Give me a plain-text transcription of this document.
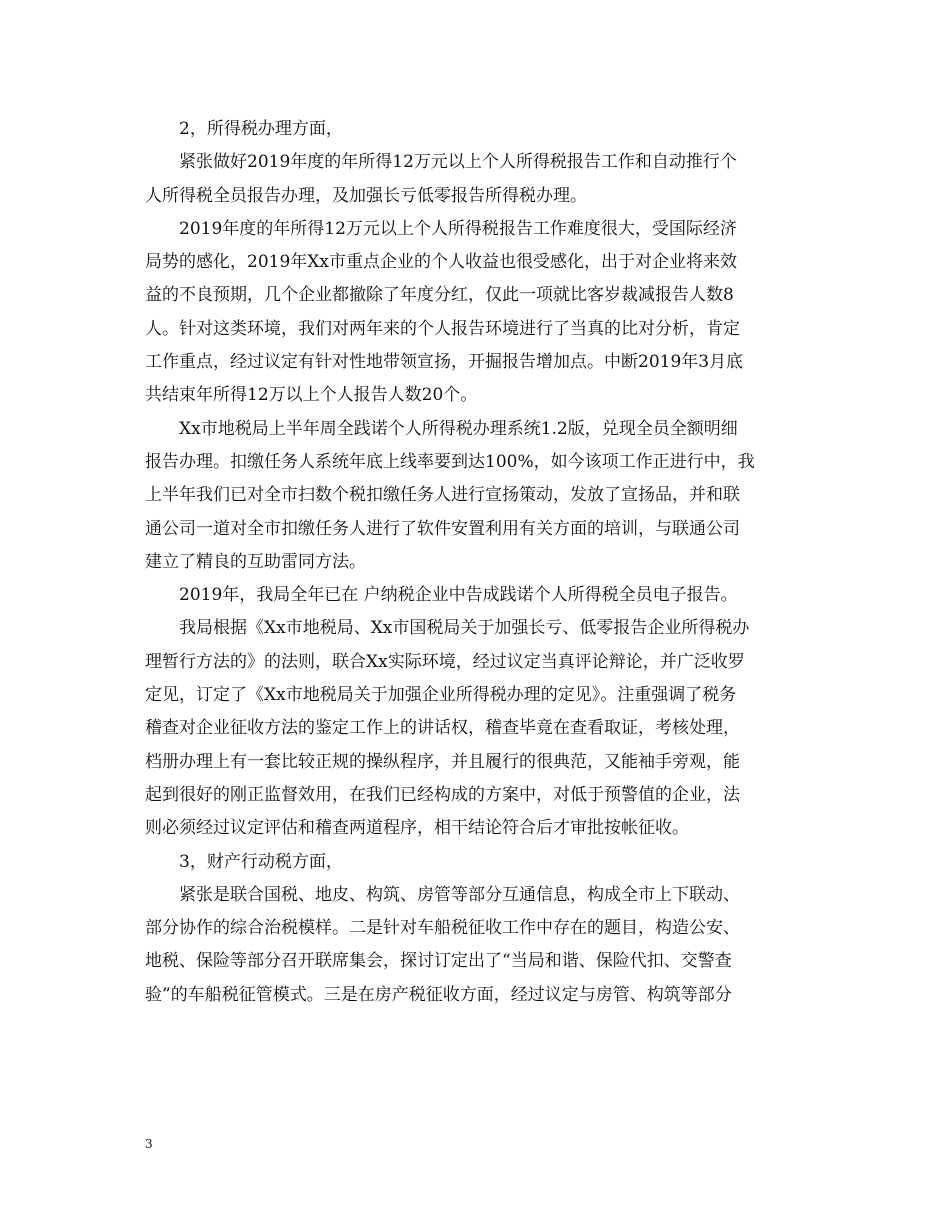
2，所得税办理方面，
紧张做好2019年度的年所得12万元以上个人所得税报告工作和自动推行个
人所得税全员报告办理，及加强长亏低零报告所得税办理。
2019年度的年所得12万元以上个人所得税报告工作难度很大，受国际经济
局势的感化，2019年Xx市重点企业的个人收益也很受感化，出于对企业将来效
益的不良预期，几个企业都撤除了年度分红，仅此一项就比客岁裁减报告人数8
人。针对这类环境，我们对两年来的个人报告环境进行了当真的比对分析，肯定
工作重点，经过议定有针对性地带领宣扬，开掘报告增加点。中断2019年3月底
共结束年所得12万以上个人报告人数20个。
Xx市地税局上半年周全践诺个人所得税办理系统1.2版，兑现全员全额明细
报告办理。扣缴任务人系统年底上线率要到达100%，如今该项工作正进行中，我
上半年我们已对全市扫数个税扣缴任务人进行宣扬策动，发放了宣扬品，并和联
通公司一道对全市扣缴任务人进行了软件安置利用有关方面的培训，与联通公司
建立了精良的互助雷同方法。
2019年，我局全年已在 户纳税企业中告成践诺个人所得税全员电子报告。
我局根据《Xx市地税局、Xx市国税局关于加强长亏、低零报告企业所得税办
理暂行方法的》的法则，联合Xx实际环境，经过议定当真评论辩论，并广泛收罗
定见，订定了《Xx市地税局关于加强企业所得税办理的定见》。注重强调了税务
稽查对企业征收方法的鉴定工作上的讲话权，稽查毕竟在查看取证，考核处理，
档册办理上有一套比较正规的操纵程序，并且履行的很典范，又能袖手旁观，能
起到很好的刚正监督效用，在我们已经构成的方案中，对低于预警值的企业，法
则必须经过议定评估和稽查两道程序，相干结论符合后才审批按帐征收。
3，财产行动税方面，
紧张是联合国税、地皮、构筑、房管等部分互通信息，构成全市上下联动、
部分协作的综合治税模样。二是针对车船税征收工作中存在的题目，构造公安、
地税、保险等部分召开联席集会，探讨订定出了“当局和谐、保险代扣、交警查
验”的车船税征管模式。三是在房产税征收方面，经过议定与房管、构筑等部分
3
